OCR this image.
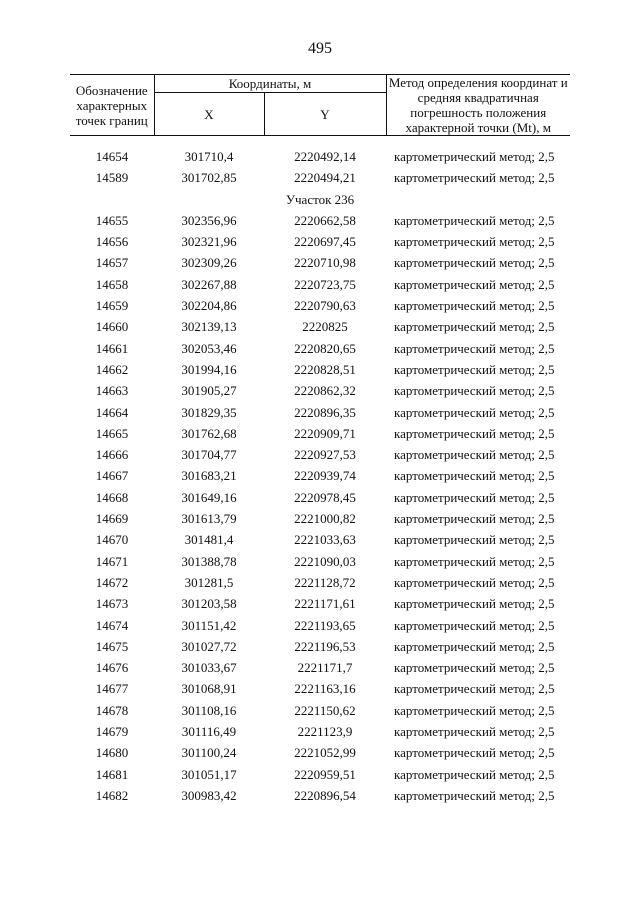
495
Обозначение характерных точек границ	Координаты, м		Метод определения координат и средняя квадратичная погрешность положения характерной точки (Mt), м
	X	Y	

14654	301710,4	2220492,14	картометрический метод; 2,5
14589	301702,85	2220494,21	картометрический метод; 2,5
Участок 236			
14655	302356,96	2220662,58	картометрический метод; 2,5
14656	302321,96	2220697,45	картометрический метод; 2,5
14657	302309,26	2220710,98	картометрический метод; 2,5
14658	302267,88	2220723,75	картометрический метод; 2,5
14659	302204,86	2220790,63	картометрический метод; 2,5
14660	302139,13	2220825	картометрический метод; 2,5
14661	302053,46	2220820,65	картометрический метод; 2,5
14662	301994,16	2220828,51	картометрический метод; 2,5
14663	301905,27	2220862,32	картометрический метод; 2,5
14664	301829,35	2220896,35	картометрический метод; 2,5
14665	301762,68	2220909,71	картометрический метод; 2,5
14666	301704,77	2220927,53	картометрический метод; 2,5
14667	301683,21	2220939,74	картометрический метод; 2,5
14668	301649,16	2220978,45	картометрический метод; 2,5
14669	301613,79	2221000,82	картометрический метод; 2,5
14670	301481,4	2221033,63	картометрический метод; 2,5
14671	301388,78	2221090,03	картометрический метод; 2,5
14672	301281,5	2221128,72	картометрический метод; 2,5
14673	301203,58	2221171,61	картометрический метод; 2,5
14674	301151,42	2221193,65	картометрический метод; 2,5
14675	301027,72	2221196,53	картометрический метод; 2,5
14676	301033,67	2221171,7	картометрический метод; 2,5
14677	301068,91	2221163,16	картометрический метод; 2,5
14678	301108,16	2221150,62	картометрический метод; 2,5
14679	301116,49	2221123,9	картометрический метод; 2,5
14680	301100,24	2221052,99	картометрический метод; 2,5
14681	301051,17	2220959,51	картометрический метод; 2,5
14682	300983,42	2220896,54	картометрический метод; 2,5
